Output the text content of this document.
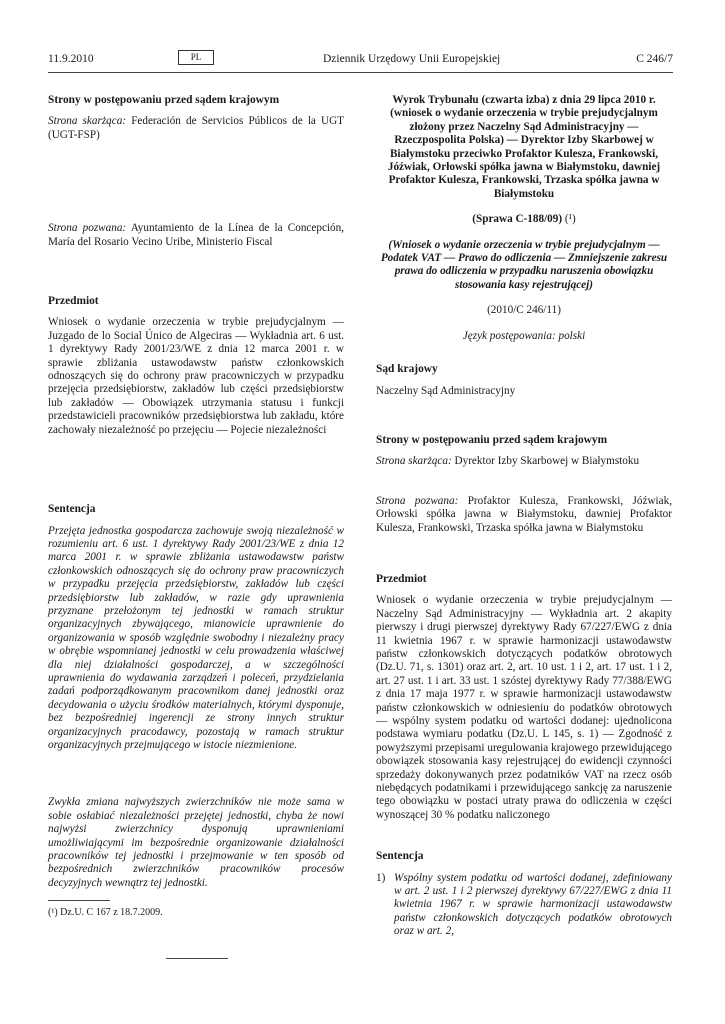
11.9.2010	PL	Dziennik Urzędowy Unii Europejskiej	C 246/7
Strony w postępowaniu przed sądem krajowym
Strona skarżąca: Federación de Servicios Públicos de la UGT (UGT-FSP)
Strona pozwana: Ayuntamiento de la Línea de la Concepción, María del Rosario Vecino Uribe, Ministerio Fiscal
Przedmiot
Wniosek o wydanie orzeczenia w trybie prejudycjalnym — Juzgado de lo Social Único de Algeciras — Wykładnia art. 6 ust. 1 dyrektywy Rady 2001/23/WE z dnia 12 marca 2001 r. w sprawie zbliżania ustawodawstw państw członkowskich odnoszących się do ochrony praw pracowniczych w przypadku przejęcia przedsiębiorstw, zakładów lub części przedsiębiorstw lub zakładów — Obowiązek utrzymania statusu i funkcji przedstawicieli pracowników przedsiębiorstwa lub zakładu, które zachowały niezależność po przejęciu — Pojecie niezależności
Sentencja
Przejęta jednostka gospodarcza zachowuje swoją niezależność w rozumieniu art. 6 ust. 1 dyrektywy Rady 2001/23/WE z dnia 12 marca 2001 r. w sprawie zbliżania ustawodawstw państw członkowskich odnoszących się do ochrony praw pracowniczych w przypadku przejęcia przedsiębiorstw, zakładów lub części przedsiębiorstw lub zakładów, w razie gdy uprawnienia przyznane przełożonym tej jednostki w ramach struktur organizacyjnych zbywającego, mianowicie uprawnienie do organizowania w sposób względnie swobodny i niezależny pracy w obrębie wspomnianej jednostki w celu prowadzenia właściwej dla niej działalności gospodarczej, a w szczególności uprawnienia do wydawania zarządzeń i poleceń, przydzielania zadań podporządkowanym pracownikom danej jednostki oraz decydowania o użyciu środków materialnych, którymi dysponuje, bez bezpośredniej ingerencji ze strony innych struktur organizacyjnych pracodawcy, pozostają w ramach struktur organizacyjnych przejmującego w istocie niezmienione.
Zwykła zmiana najwyższych zwierzchników nie może sama w sobie osłabiać niezależności przejętej jednostki, chyba że nowi najwyżsi zwierzchnicy dysponują uprawnieniami umożliwiającymi im bezpośrednie organizowanie działalności pracowników tej jednostki i przejmowanie w ten sposób od bezpośrednich zwierzchników pracowników procesów decyzyjnych wewnątrz tej jednostki.
Wyrok Trybunału (czwarta izba) z dnia 29 lipca 2010 r. (wniosek o wydanie orzeczenia w trybie prejudycjalnym złożony przez Naczelny Sąd Administracyjny — Rzeczpospolita Polska) — Dyrektor Izby Skarbowej w Białymstoku przeciwko Profaktor Kulesza, Frankowski, Jóźwiak, Orłowski spółka jawna w Białymstoku, dawniej Profaktor Kulesza, Frankowski, Trzaska spółka jawna w Białymstoku
(Sprawa C-188/09) (¹)
(Wniosek o wydanie orzeczenia w trybie prejudycjalnym — Podatek VAT — Prawo do odliczenia — Zmniejszenie zakresu prawa do odliczenia w przypadku naruszenia obowiązku stosowania kasy rejestrującej)
(2010/C 246/11)
Język postępowania: polski
Sąd krajowy
Naczelny Sąd Administracyjny
Strony w postępowaniu przed sądem krajowym
Strona skarżąca: Dyrektor Izby Skarbowej w Białymstoku
Strona pozwana: Profaktor Kulesza, Frankowski, Jóźwiak, Orłowski spółka jawna w Białymstoku, dawniej Profaktor Kulesza, Frankowski, Trzaska spółka jawna w Białymstoku
Przedmiot
Wniosek o wydanie orzeczenia w trybie prejudycjalnym — Naczelny Sąd Administracyjny — Wykładnia art. 2 akapity pierwszy i drugi pierwszej dyrektywy Rady 67/227/EWG z dnia 11 kwietnia 1967 r. w sprawie harmonizacji ustawodawstw państw członkowskich dotyczących podatków obrotowych (Dz.U. 71, s. 1301) oraz art. 2, art. 10 ust. 1 i 2, art. 17 ust. 1 i 2, art. 27 ust. 1 i art. 33 ust. 1 szóstej dyrektywy Rady 77/388/EWG z dnia 17 maja 1977 r. w sprawie harmonizacji ustawodawstw państw członkowskich w odniesieniu do podatków obrotowych — wspólny system podatku od wartości dodanej: ujednolicona podstawa wymiaru podatku (Dz.U. L 145, s. 1) — Zgodność z powyższymi przepisami uregulowania krajowego przewidującego obowiązek stosowania kasy rejestrującej do ewidencji czynności sprzedaży dokonywanych przez podatników VAT na rzecz osób niebędących podatnikami i przewidującego sankcję za naruszenie tego obowiązku w postaci utraty prawa do odliczenia w części wynoszącej 30 % podatku naliczonego
Sentencja
1) Wspólny system podatku od wartości dodanej, zdefiniowany w art. 2 ust. 1 i 2 pierwszej dyrektywy 67/227/EWG z dnia 11 kwietnia 1967 r. w sprawie harmonizacji ustawodawstw państw członkowskich dotyczących podatków obrotowych oraz w art. 2,
(¹) Dz.U. C 167 z 18.7.2009.
